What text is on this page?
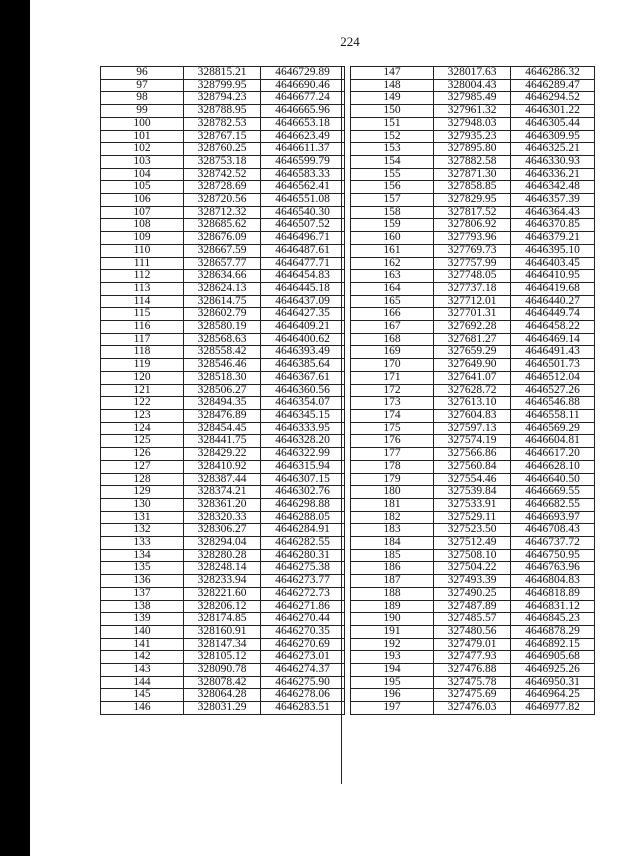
224
96	328815.21	4646729.89
97	328799.95	4646690.46
98	328794.23	4646677.24
99	328788.95	4646665.96
100	328782.53	4646653.18
101	328767.15	4646623.49
102	328760.25	4646611.37
103	328753.18	4646599.79
104	328742.52	4646583.33
105	328728.69	4646562.41
106	328720.56	4646551.08
107	328712.32	4646540.30
108	328685.62	4646507.52
109	328676.09	4646496.71
110	328667.59	4646487.61
111	328657.77	4646477.71
112	328634.66	4646454.83
113	328624.13	4646445.18
114	328614.75	4646437.09
115	328602.79	4646427.35
116	328580.19	4646409.21
117	328568.63	4646400.62
118	328558.42	4646393.49
119	328546.46	4646385.64
120	328518.30	4646367.61
121	328506.27	4646360.56
122	328494.35	4646354.07
123	328476.89	4646345.15
124	328454.45	4646333.95
125	328441.75	4646328.20
126	328429.22	4646322.99
127	328410.92	4646315.94
128	328387.44	4646307.15
129	328374.21	4646302.76
130	328361.20	4646298.88
131	328320.33	4646288.05
132	328306.27	4646284.91
133	328294.04	4646282.55
134	328280.28	4646280.31
135	328248.14	4646275.38
136	328233.94	4646273.77
137	328221.60	4646272.73
138	328206.12	4646271.86
139	328174.85	4646270.44
140	328160.91	4646270.35
141	328147.34	4646270.69
142	328105.12	4646273.01
143	328090.78	4646274.37
144	328078.42	4646275.90
145	328064.28	4646278.06
146	328031.29	4646283.51
147	328017.63	4646286.32
148	328004.43	4646289.47
149	327985.49	4646294.52
150	327961.32	4646301.22
151	327948.03	4646305.44
152	327935.23	4646309.95
153	327895.80	4646325.21
154	327882.58	4646330.93
155	327871.30	4646336.21
156	327858.85	4646342.48
157	327829.95	4646357.39
158	327817.52	4646364.43
159	327806.92	4646370.85
160	327793.96	4646379.21
161	327769.73	4646395.10
162	327757.99	4646403.45
163	327748.05	4646410.95
164	327737.18	4646419.68
165	327712.01	4646440.27
166	327701.31	4646449.74
167	327692.28	4646458.22
168	327681.27	4646469.14
169	327659.29	4646491.43
170	327649.90	4646501.73
171	327641.07	4646512.04
172	327628.72	4646527.26
173	327613.10	4646546.88
174	327604.83	4646558.11
175	327597.13	4646569.29
176	327574.19	4646604.81
177	327566.86	4646617.20
178	327560.84	4646628.10
179	327554.46	4646640.50
180	327539.84	4646669.55
181	327533.91	4646682.55
182	327529.11	4646693.97
183	327523.50	4646708.43
184	327512.49	4646737.72
185	327508.10	4646750.95
186	327504.22	4646763.96
187	327493.39	4646804.83
188	327490.25	4646818.89
189	327487.89	4646831.12
190	327485.57	4646845.23
191	327480.56	4646878.29
192	327479.01	4646892.15
193	327477.93	4646905.68
194	327476.88	4646925.26
195	327475.78	4646950.31
196	327475.69	4646964.25
197	327476.03	4646977.82
